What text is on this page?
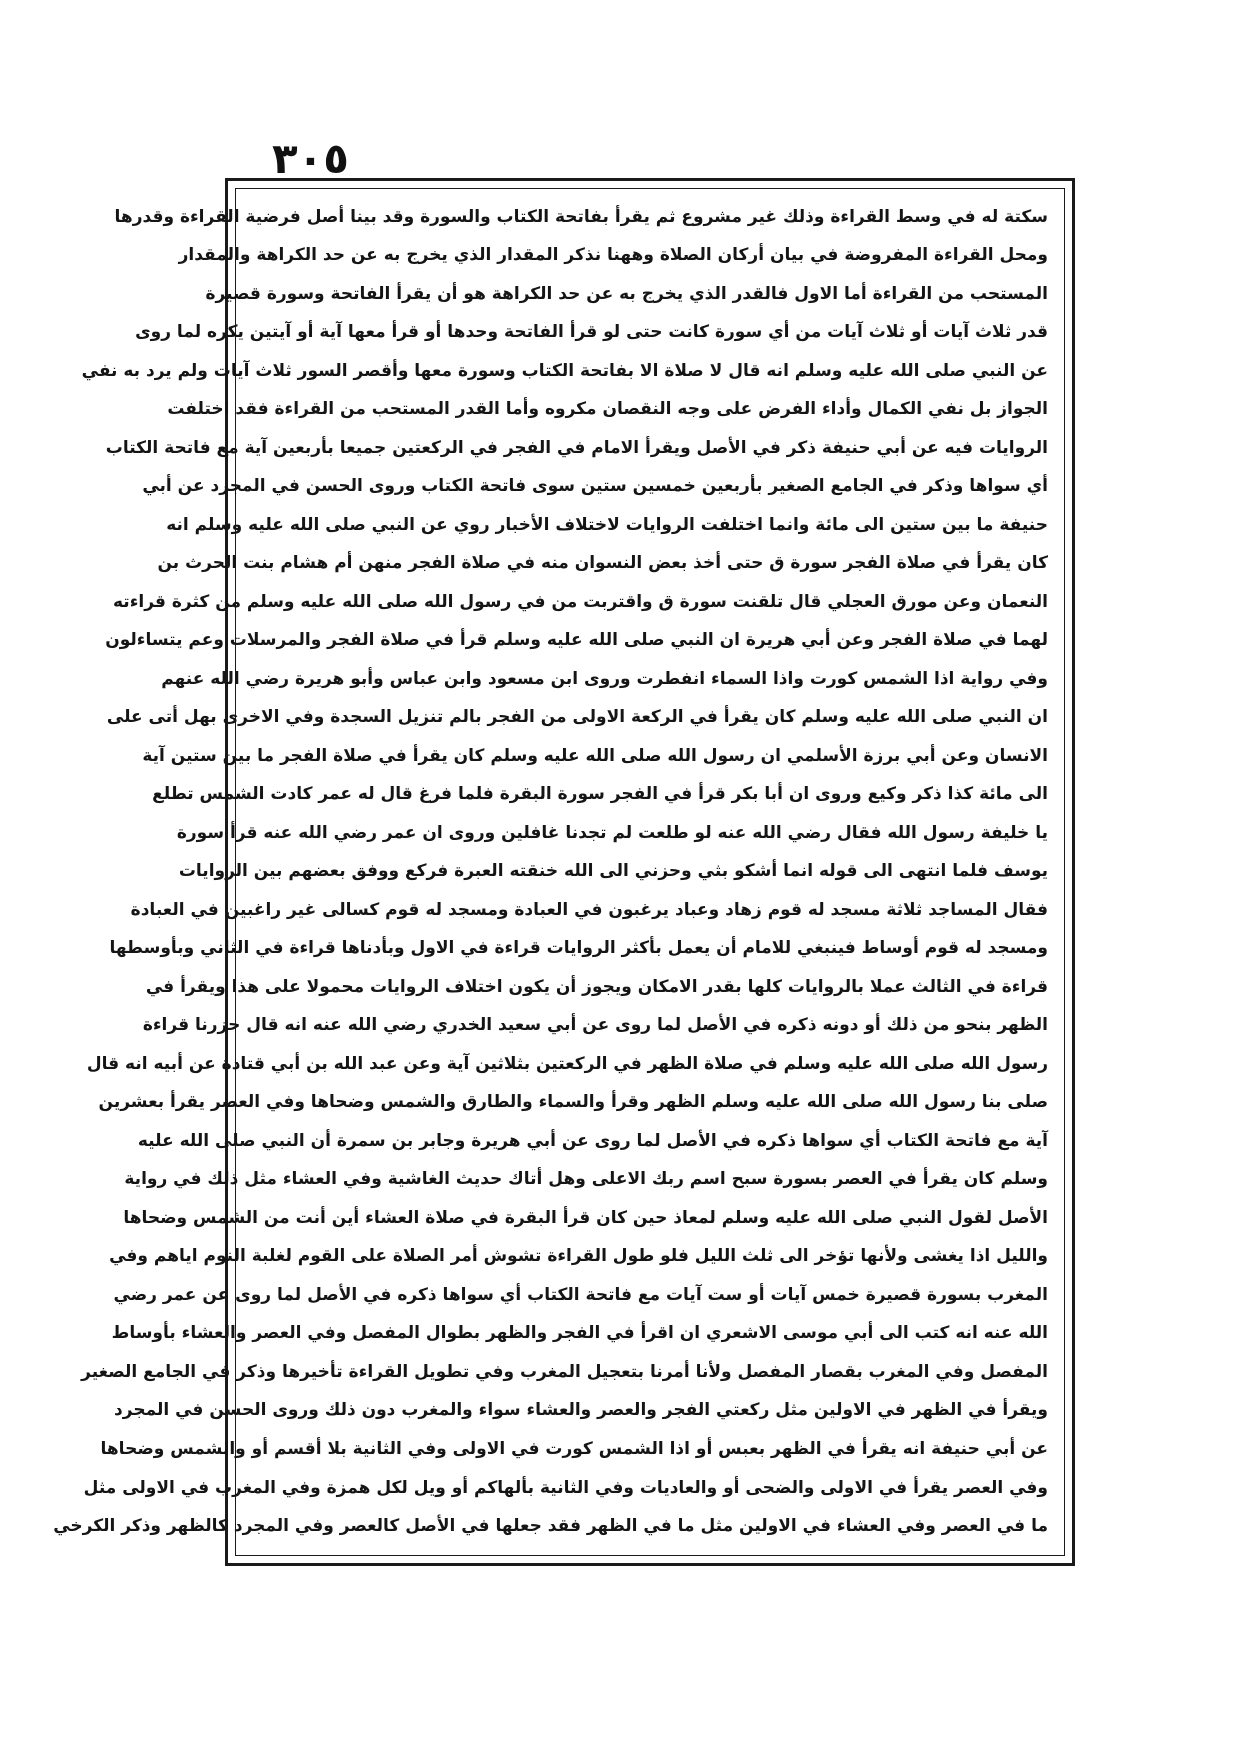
٣٠٥
سكتة له في وسط القراءة وذلك غير مشروع ثم يقرأ بفاتحة الكتاب والسورة وقد بينا أصل فرضية القراءة وقدرها
ومحل القراءة المفروضة في بيان أركان الصلاة وههنا نذكر المقدار الذي يخرج به عن حد الكراهة والمقدار
المستحب من القراءة أما الاول فالقدر الذي يخرج به عن حد الكراهة هو أن يقرأ الفاتحة وسورة قصيرة
قدر ثلاث آيات أو ثلاث آيات من أي سورة كانت حتى لو قرأ الفاتحة وحدها أو قرأ معها آية أو آيتين يكره لما روى
عن النبي صلى الله عليه وسلم انه قال لا صلاة الا بفاتحة الكتاب وسورة معها وأقصر السور ثلاث آيات ولم يرد به نفي
الجواز بل نفي الكمال وأداء الفرض على وجه النقصان مكروه وأما القدر المستحب من القراءة فقد اختلفت
الروايات فيه عن أبي حنيفة ذكر في الأصل ويقرأ الامام في الفجر في الركعتين جميعا بأربعين آية مع فاتحة الكتاب
أي سواها وذكر في الجامع الصغير بأربعين خمسين ستين سوى فاتحة الكتاب وروى الحسن في المجرد عن أبي
حنيفة ما بين ستين الى مائة وانما اختلفت الروايات لاختلاف الأخبار روي عن النبي صلى الله عليه وسلم انه
كان يقرأ في صلاة الفجر سورة ق حتى أخذ بعض النسوان منه في صلاة الفجر منهن أم هشام بنت الحرث بن
النعمان وعن مورق العجلي قال تلقنت سورة ق واقتربت من في رسول الله صلى الله عليه وسلم من كثرة قراءته
لهما في صلاة الفجر وعن أبي هريرة ان النبي صلى الله عليه وسلم قرأ في صلاة الفجر والمرسلات وعم يتساءلون
وفي رواية اذا الشمس كورت واذا السماء انفطرت وروى ابن مسعود وابن عباس وأبو هريرة رضي الله عنهم
ان النبي صلى الله عليه وسلم كان يقرأ في الركعة الاولى من الفجر بالم تنزيل السجدة وفي الاخرى بهل أتى على
الانسان وعن أبي برزة الأسلمي ان رسول الله صلى الله عليه وسلم كان يقرأ في صلاة الفجر ما بين ستين آية
الى مائة كذا ذكر وكيع وروى ان أبا بكر قرأ في الفجر سورة البقرة فلما فرغ قال له عمر كادت الشمس تطلع
يا خليفة رسول الله فقال رضي الله عنه لو طلعت لم تجدنا غافلين وروى ان عمر رضي الله عنه قرأ سورة
يوسف فلما انتهى الى قوله انما أشكو بثي وحزني الى الله خنقته العبرة فركع ووفق بعضهم بين الروايات
فقال المساجد ثلاثة مسجد له قوم زهاد وعباد يرغبون في العبادة ومسجد له قوم كسالى غير راغبين في العبادة
ومسجد له قوم أوساط فينبغي للامام أن يعمل بأكثر الروايات قراءة في الاول وبأدناها قراءة في الثاني وبأوسطها
قراءة في الثالث عملا بالروايات كلها بقدر الامكان ويجوز أن يكون اختلاف الروايات محمولا على هذا ويقرأ في
الظهر بنحو من ذلك أو دونه ذكره في الأصل لما روى عن أبي سعيد الخدري رضي الله عنه انه قال حزرنا قراءة
رسول الله صلى الله عليه وسلم في صلاة الظهر في الركعتين بثلاثين آية وعن عبد الله بن أبي قتادة عن أبيه انه قال
صلى بنا رسول الله صلى الله عليه وسلم الظهر وقرأ والسماء والطارق والشمس وضحاها وفي العصر يقرأ بعشرين
آية مع فاتحة الكتاب أي سواها ذكره في الأصل لما روى عن أبي هريرة وجابر بن سمرة أن النبي صلى الله عليه
وسلم كان يقرأ في العصر بسورة سبح اسم ربك الاعلى وهل أتاك حديث الغاشية وفي العشاء مثل ذلك في رواية
الأصل لقول النبي صلى الله عليه وسلم لمعاذ حين كان قرأ البقرة في صلاة العشاء أين أنت من الشمس وضحاها
والليل اذا يغشى ولأنها تؤخر الى ثلث الليل فلو طول القراءة تشوش أمر الصلاة على القوم لغلبة النوم اياهم وفي
المغرب بسورة قصيرة خمس آيات أو ست آيات مع فاتحة الكتاب أي سواها ذكره في الأصل لما روى عن عمر رضي
الله عنه انه كتب الى أبي موسى الاشعري ان اقرأ في الفجر والظهر بطوال المفصل وفي العصر والعشاء بأوساط
المفصل وفي المغرب بقصار المفصل ولأنا أمرنا بتعجيل المغرب وفي تطويل القراءة تأخيرها وذكر في الجامع الصغير
ويقرأ في الظهر في الاولين مثل ركعتي الفجر والعصر والعشاء سواء والمغرب دون ذلك وروى الحسن في المجرد
عن أبي حنيفة انه يقرأ في الظهر بعبس أو اذا الشمس كورت في الاولى وفي الثانية بلا أقسم أو والشمس وضحاها
وفي العصر يقرأ في الاولى والضحى أو والعاديات وفي الثانية بألهاكم أو ويل لكل همزة وفي المغرب في الاولى مثل
ما في العصر وفي العشاء في الاولين مثل ما في الظهر فقد جعلها في الأصل كالعصر وفي المجرد كالظهر وذكر الكرخي
